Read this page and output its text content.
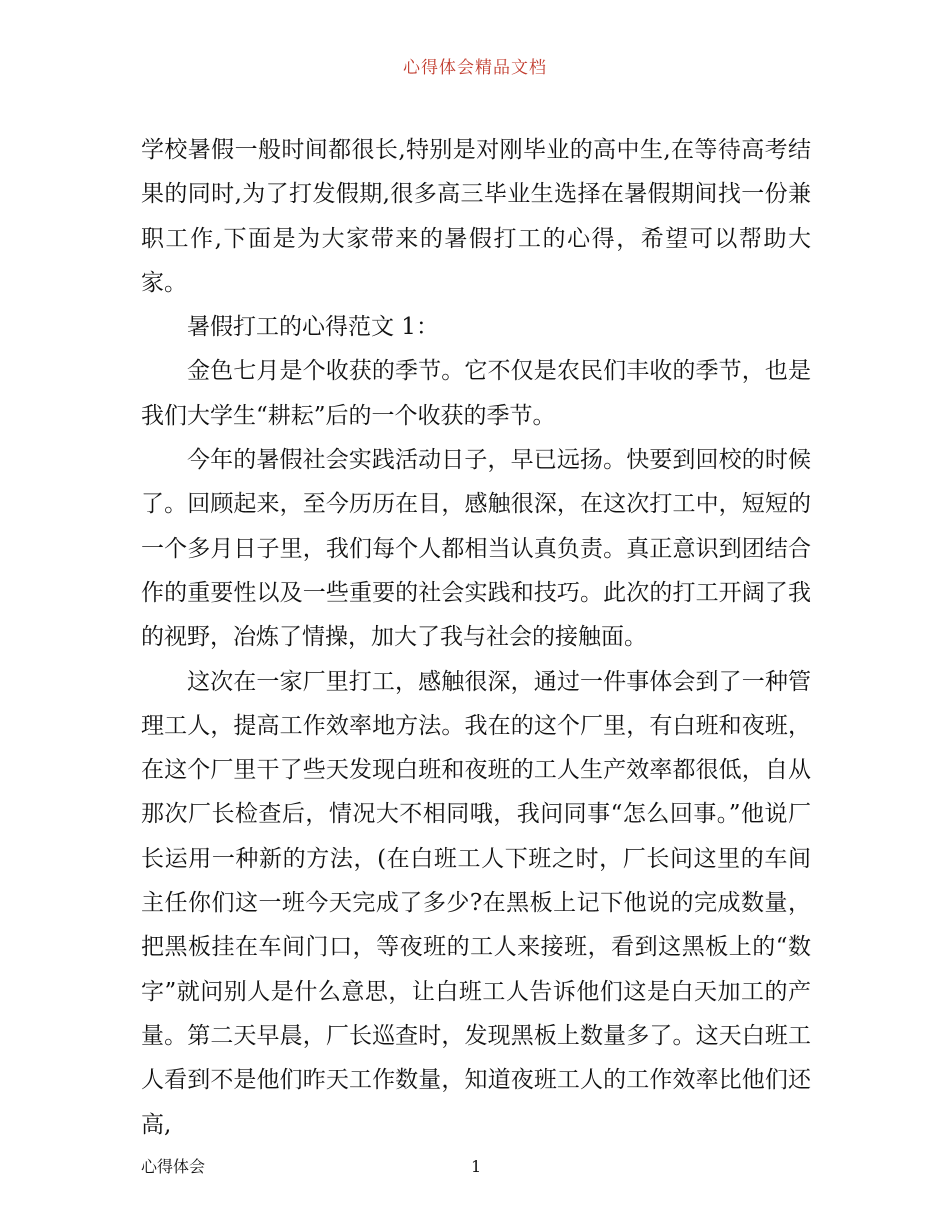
心得体会精品文档

学校暑假一般时间都很长,特别是对刚毕业的高中生,在等待高考结果的同时,为了打发假期,很多高三毕业生选择在暑假期间找一份兼职工作,下面是为大家带来的暑假打工的心得，希望可以帮助大家。

暑假打工的心得范文 1：

金色七月是个收获的季节。它不仅是农民们丰收的季节，也是我们大学生“耕耘”后的一个收获的季节。

今年的暑假社会实践活动日子，早已远扬。快要到回校的时候了。回顾起来，至今历历在目，感触很深，在这次打工中，短短的一个多月日子里，我们每个人都相当认真负责。真正意识到团结合作的重要性以及一些重要的社会实践和技巧。此次的打工开阔了我的视野，冶炼了情操，加大了我与社会的接触面。

这次在一家厂里打工，感触很深，通过一件事体会到了一种管理工人，提高工作效率地方法。我在的这个厂里，有白班和夜班，在这个厂里干了些天发现白班和夜班的工人生产效率都很低，自从那次厂长检查后，情况大不相同哦，我问同事“怎么回事。”他说厂长运用一种新的方法，(在白班工人下班之时，厂长问这里的车间主任你们这一班今天完成了多少?在黑板上记下他说的完成数量，把黑板挂在车间门口，等夜班的工人来接班，看到这黑板上的“数字”就问别人是什么意思，让白班工人告诉他们这是白天加工的产量。第二天早晨，厂长巡查时，发现黑板上数量多了。这天白班工人看到不是他们昨天工作数量，知道夜班工人的工作效率比他们还高,

心得体会	1
